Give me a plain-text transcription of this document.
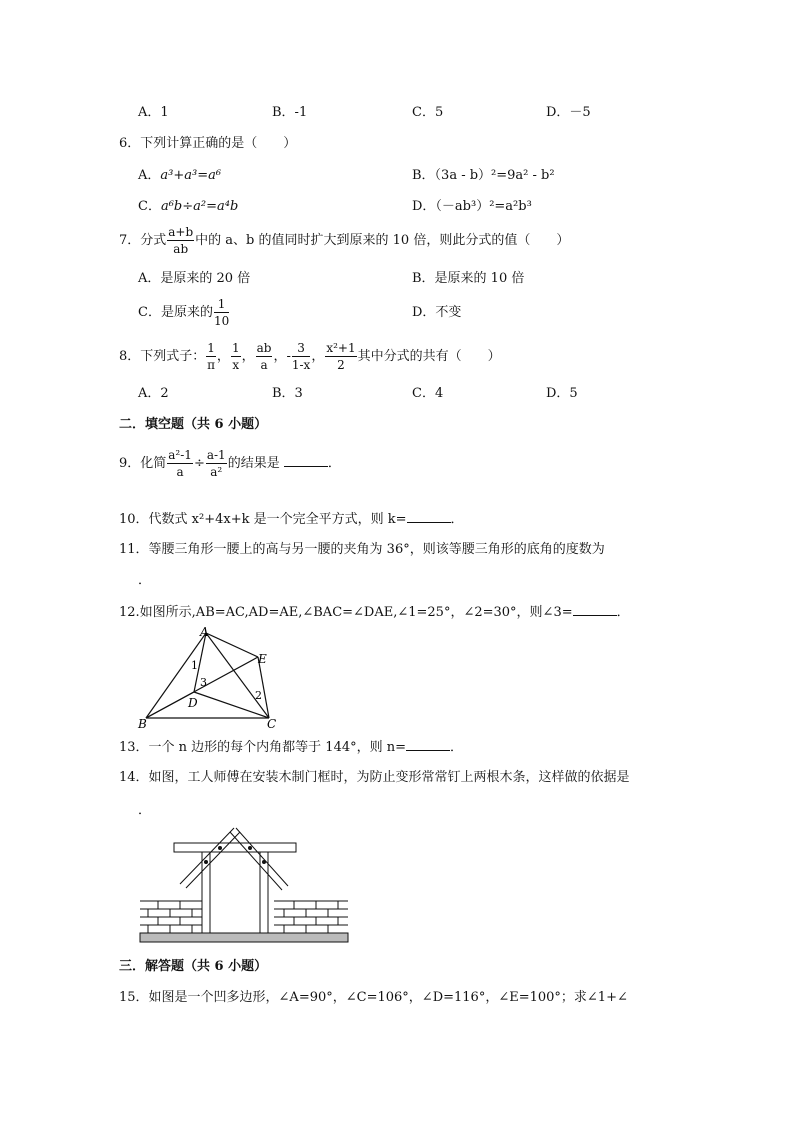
A．1	B．-1	C．5	D．－5
6．下列计算正确的是（　　）
A．a³+a³=a⁶	B．（3a - b）²=9a² - b²
C．a⁶b÷a²=a⁴b	D．（－ab³）²=a²b³
7．分式 $\frac{a+b}{ab}$ 中的 a、b 的值同时扩大到原来的 10 倍，则此分式的值（　　）
A．是原来的 20 倍	B．是原来的 10 倍
C．是原来的 $\frac{1}{10}$	D．不变
8．下列式子： $\frac{1}{\pi}$ ， $\frac{1}{x}$ ， $\frac{ab}{a}$ ，- $\frac{3}{1-x}$ ， $\frac{\text{x²+1}}{2}$ 其中分式的共有（　　）
A．2	B．3	C．4	D．5
二．填空题（共 6 小题）
9．化简 $\frac{\text{a²-1}}{a} \div \frac{a-1}{\text{a²}}$ 的结果是	．
10．代数式 x²+4x+k 是一个完全平方式，则 k=	．
11．等腰三角形一腰上的高与另一腰的夹角为 36°，则该等腰三角形的底角的度数为
．
12.如图所示,AB=AC,AD=AE,∠BAC=∠DAE,∠1=25°，∠2=30°，则∠3=	．
A
B	C
D
E
1
2
3
13．一个 n 边形的每个内角都等于 144°，则 n=	．
14．如图，工人师傅在安装木制门框时，为防止变形常常钉上两根木条，这样做的依据是
．
三．解答题（共 6 小题）
15．如图是一个凹多边形，∠A=90°，∠C=106°，∠D=116°，∠E=100°；求∠1+∠
